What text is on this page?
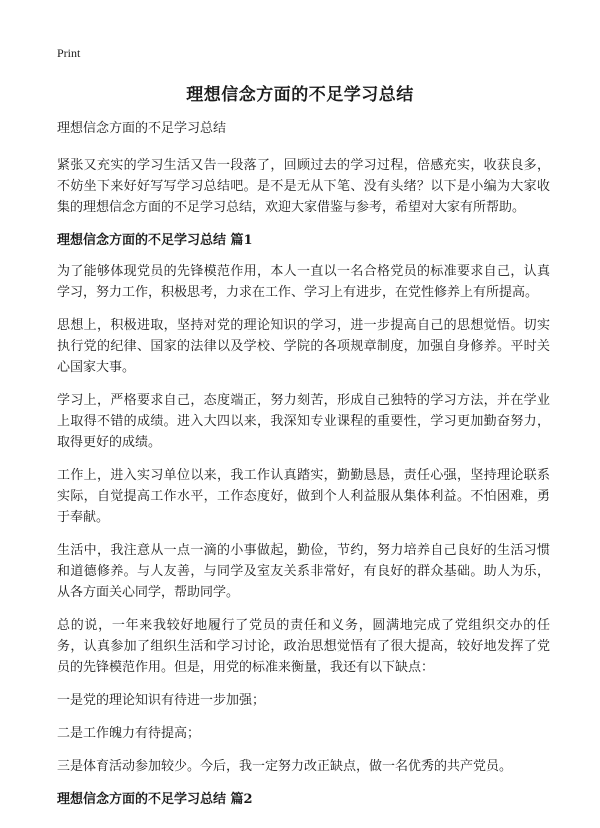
Print
理想信念方面的不足学习总结

理想信念方面的不足学习总结

紧张又充实的学习生活又告一段落了，回顾过去的学习过程，倍感充实，收获良多，不妨坐下来好好写写学习总结吧。是不是无从下笔、没有头绪？以下是小编为大家收集的理想信念方面的不足学习总结，欢迎大家借鉴与参考，希望对大家有所帮助。

理想信念方面的不足学习总结 篇1

为了能够体现党员的先锋模范作用，本人一直以一名合格党员的标准要求自己，认真学习，努力工作，积极思考，力求在工作、学习上有进步，在党性修养上有所提高。

思想上，积极进取，坚持对党的理论知识的学习，进一步提高自己的思想觉悟。切实执行党的纪律、国家的法律以及学校、学院的各项规章制度，加强自身修养。平时关心国家大事。

学习上，严格要求自己，态度端正，努力刻苦，形成自己独特的学习方法，并在学业上取得不错的成绩。进入大四以来，我深知专业课程的重要性，学习更加勤奋努力，取得更好的成绩。

工作上，进入实习单位以来，我工作认真踏实，勤勤恳恳，责任心强，坚持理论联系实际，自觉提高工作水平，工作态度好，做到个人利益服从集体利益。不怕困难，勇于奉献。

生活中，我注意从一点一滴的小事做起，勤俭，节约，努力培养自己良好的生活习惯和道德修养。与人友善，与同学及室友关系非常好，有良好的群众基础。助人为乐，从各方面关心同学，帮助同学。

总的说，一年来我较好地履行了党员的责任和义务，圆满地完成了党组织交办的任务，认真参加了组织生活和学习讨论，政治思想觉悟有了很大提高，较好地发挥了党员的先锋模范作用。但是，用党的标准来衡量，我还有以下缺点：

一是党的理论知识有待进一步加强；

二是工作魄力有待提高；

三是体育活动参加较少。今后，我一定努力改正缺点，做一名优秀的共产党员。

理想信念方面的不足学习总结 篇2
